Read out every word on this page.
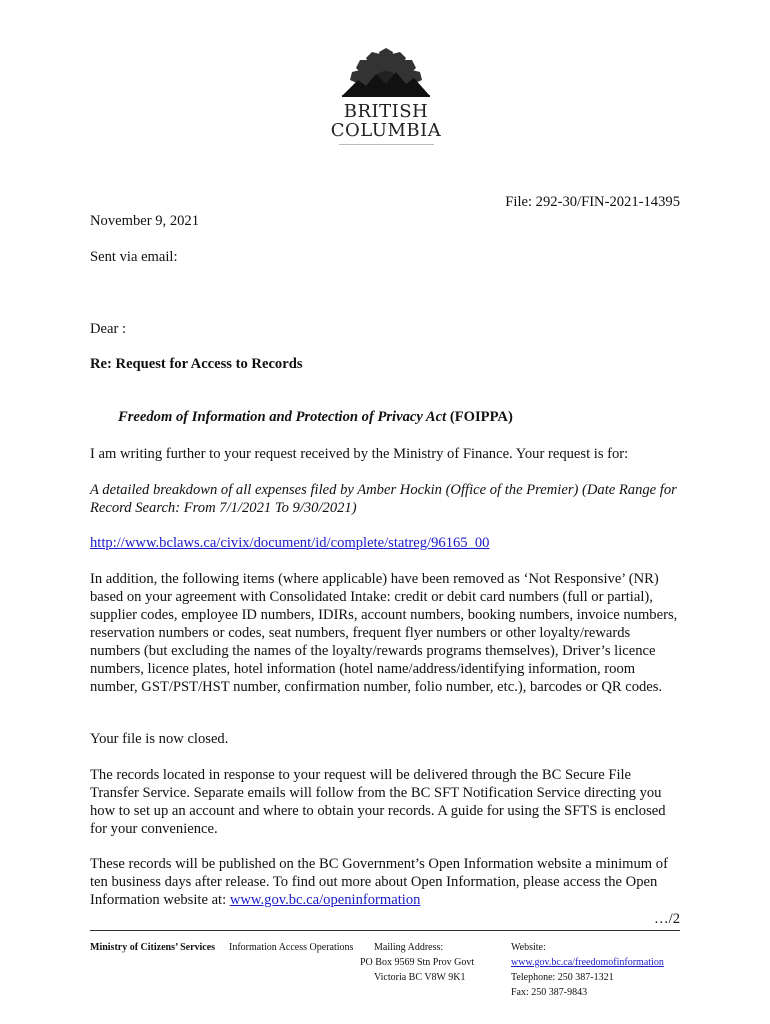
BRITISH
COLUMBIA
File: 292-30/FIN-2021-14395
November 9, 2021
Sent via email:
Dear :
Re: Request for Access to Records
Freedom of Information and Protection of Privacy Act (FOIPPA)
I am writing further to your request received by the Ministry of Finance. Your request is for:
A detailed breakdown of all expenses filed by Amber Hockin (Office of the Premier) (Date Range for Record Search: From 7/1/2021 To 9/30/2021)
http://www.bclaws.ca/civix/document/id/complete/statreg/96165_00
In addition, the following items (where applicable) have been removed as ‘Not Responsive’ (NR) based on your agreement with Consolidated Intake: credit or debit card numbers (full or partial), supplier codes, employee ID numbers, IDIRs, account numbers, booking numbers, invoice numbers, reservation numbers or codes, seat numbers, frequent flyer numbers or other loyalty/rewards numbers (but excluding the names of the loyalty/rewards programs themselves), Driver’s licence numbers, licence plates, hotel information (hotel name/address/identifying information, room number, GST/PST/HST number, confirmation number, folio number, etc.), barcodes or QR codes.
Your file is now closed.
The records located in response to your request will be delivered through the BC Secure File Transfer Service. Separate emails will follow from the BC SFT Notification Service directing you how to set up an account and where to obtain your records. A guide for using the SFTS is enclosed for your convenience.
These records will be published on the BC Government’s Open Information website a minimum of ten business days after release. To find out more about Open Information, please access the Open Information website at: www.gov.bc.ca/openinformation
…/2
Ministry of Citizens’ Services Information Access Operations Mailing Address:
PO Box 9569 Stn Prov Govt
Victoria BC V8W 9K1
Website:
www.gov.bc.ca/freedomofinformation
Telephone: 250 387-1321
Fax: 250 387-9843
